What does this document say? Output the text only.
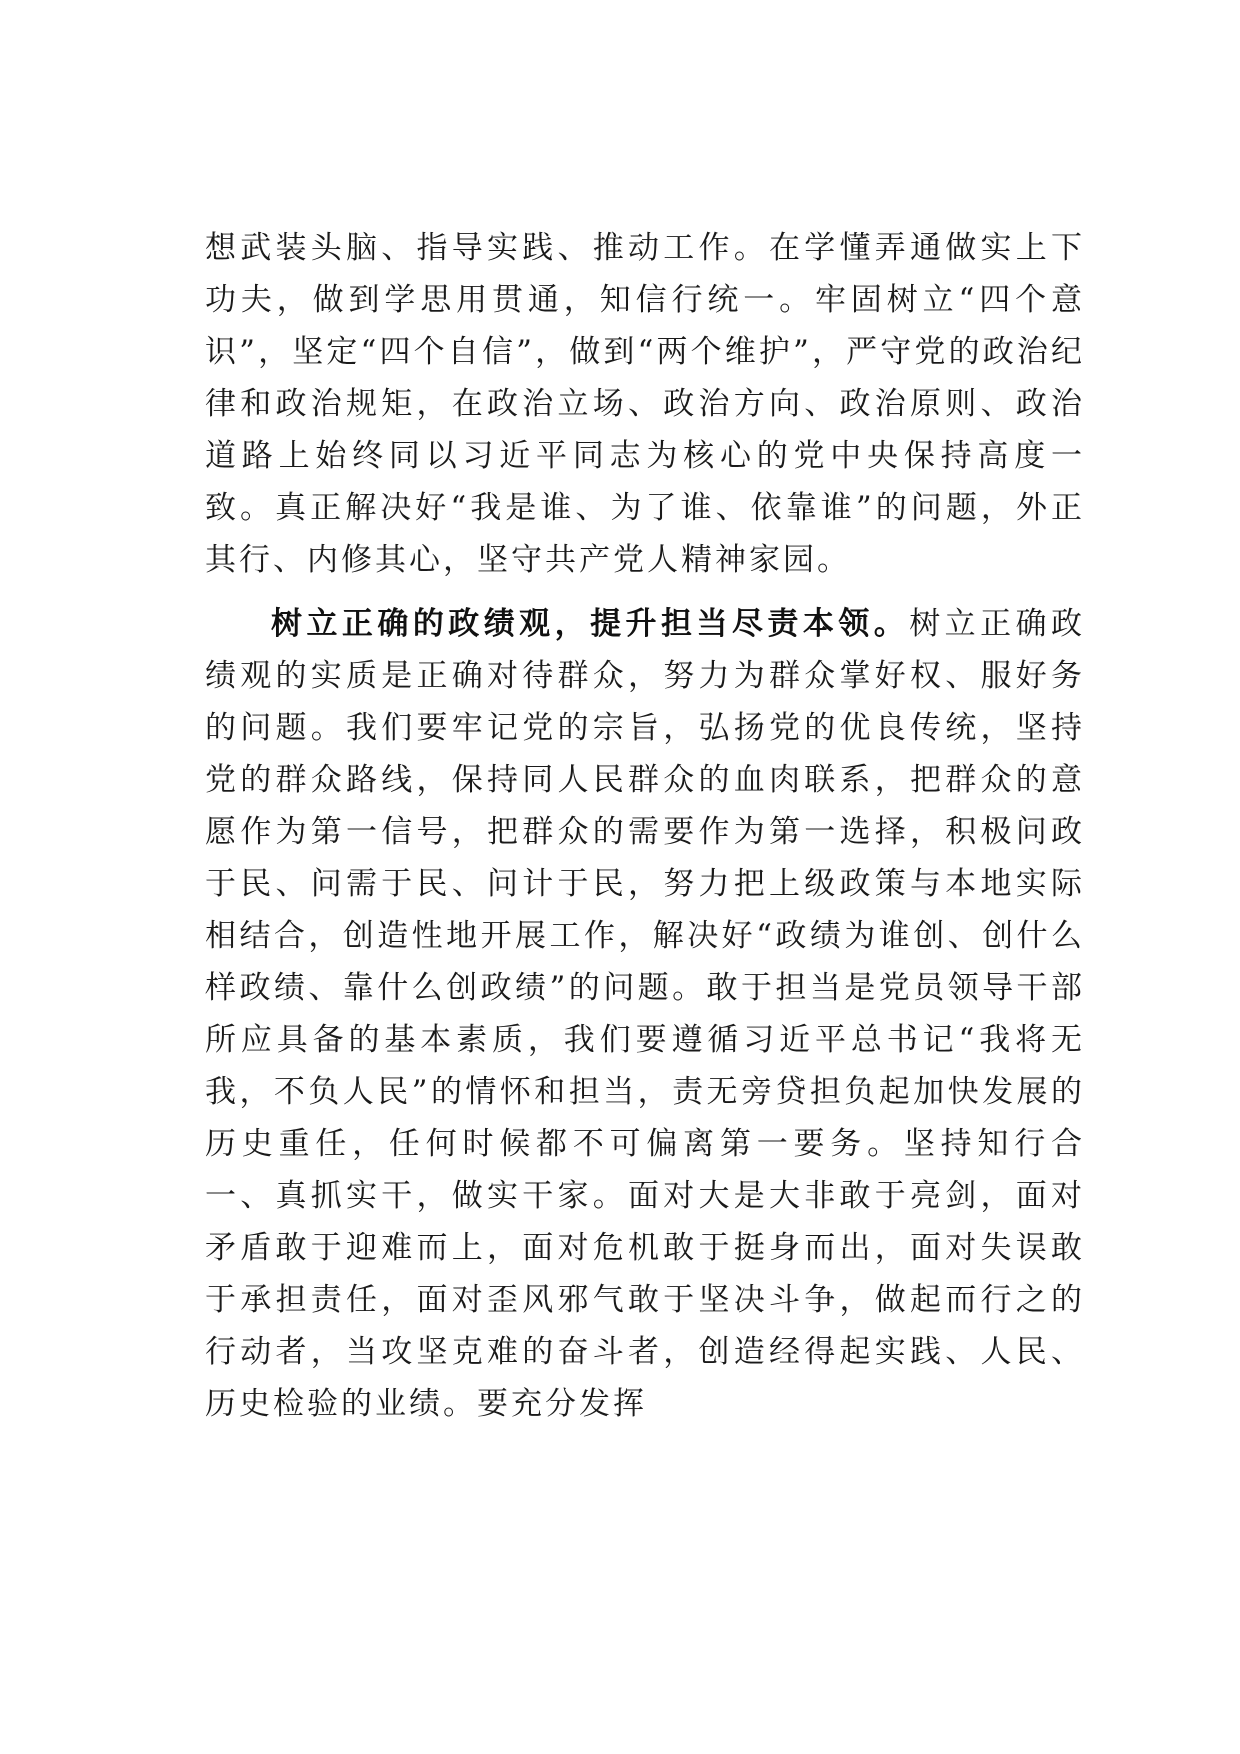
想武装头脑、指导实践、推动工作。在学懂弄通做实上下功夫，做到学思用贯通，知信行统一。牢固树立“四个意识”，坚定“四个自信”，做到“两个维护”，严守党的政治纪律和政治规矩，在政治立场、政治方向、政治原则、政治道路上始终同以习近平同志为核心的党中央保持高度一致。真正解决好“我是谁、为了谁、依靠谁”的问题，外正其行、内修其心，坚守共产党人精神家园。

树立正确的政绩观，提升担当尽责本领。树立正确政绩观的实质是正确对待群众，努力为群众掌好权、服好务的问题。我们要牢记党的宗旨，弘扬党的优良传统，坚持党的群众路线，保持同人民群众的血肉联系，把群众的意愿作为第一信号，把群众的需要作为第一选择，积极问政于民、问需于民、问计于民，努力把上级政策与本地实际相结合，创造性地开展工作，解决好“政绩为谁创、创什么样政绩、靠什么创政绩”的问题。敢于担当是党员领导干部所应具备的基本素质，我们要遵循习近平总书记“我将无我，不负人民”的情怀和担当，责无旁贷担负起加快发展的历史重任，任何时候都不可偏离第一要务。坚持知行合一、真抓实干，做实干家。面对大是大非敢于亮剑，面对矛盾敢于迎难而上，面对危机敢于挺身而出，面对失误敢于承担责任，面对歪风邪气敢于坚决斗争，做起而行之的行动者，当攻坚克难的奋斗者，创造经得起实践、人民、历史检验的业绩。要充分发挥
